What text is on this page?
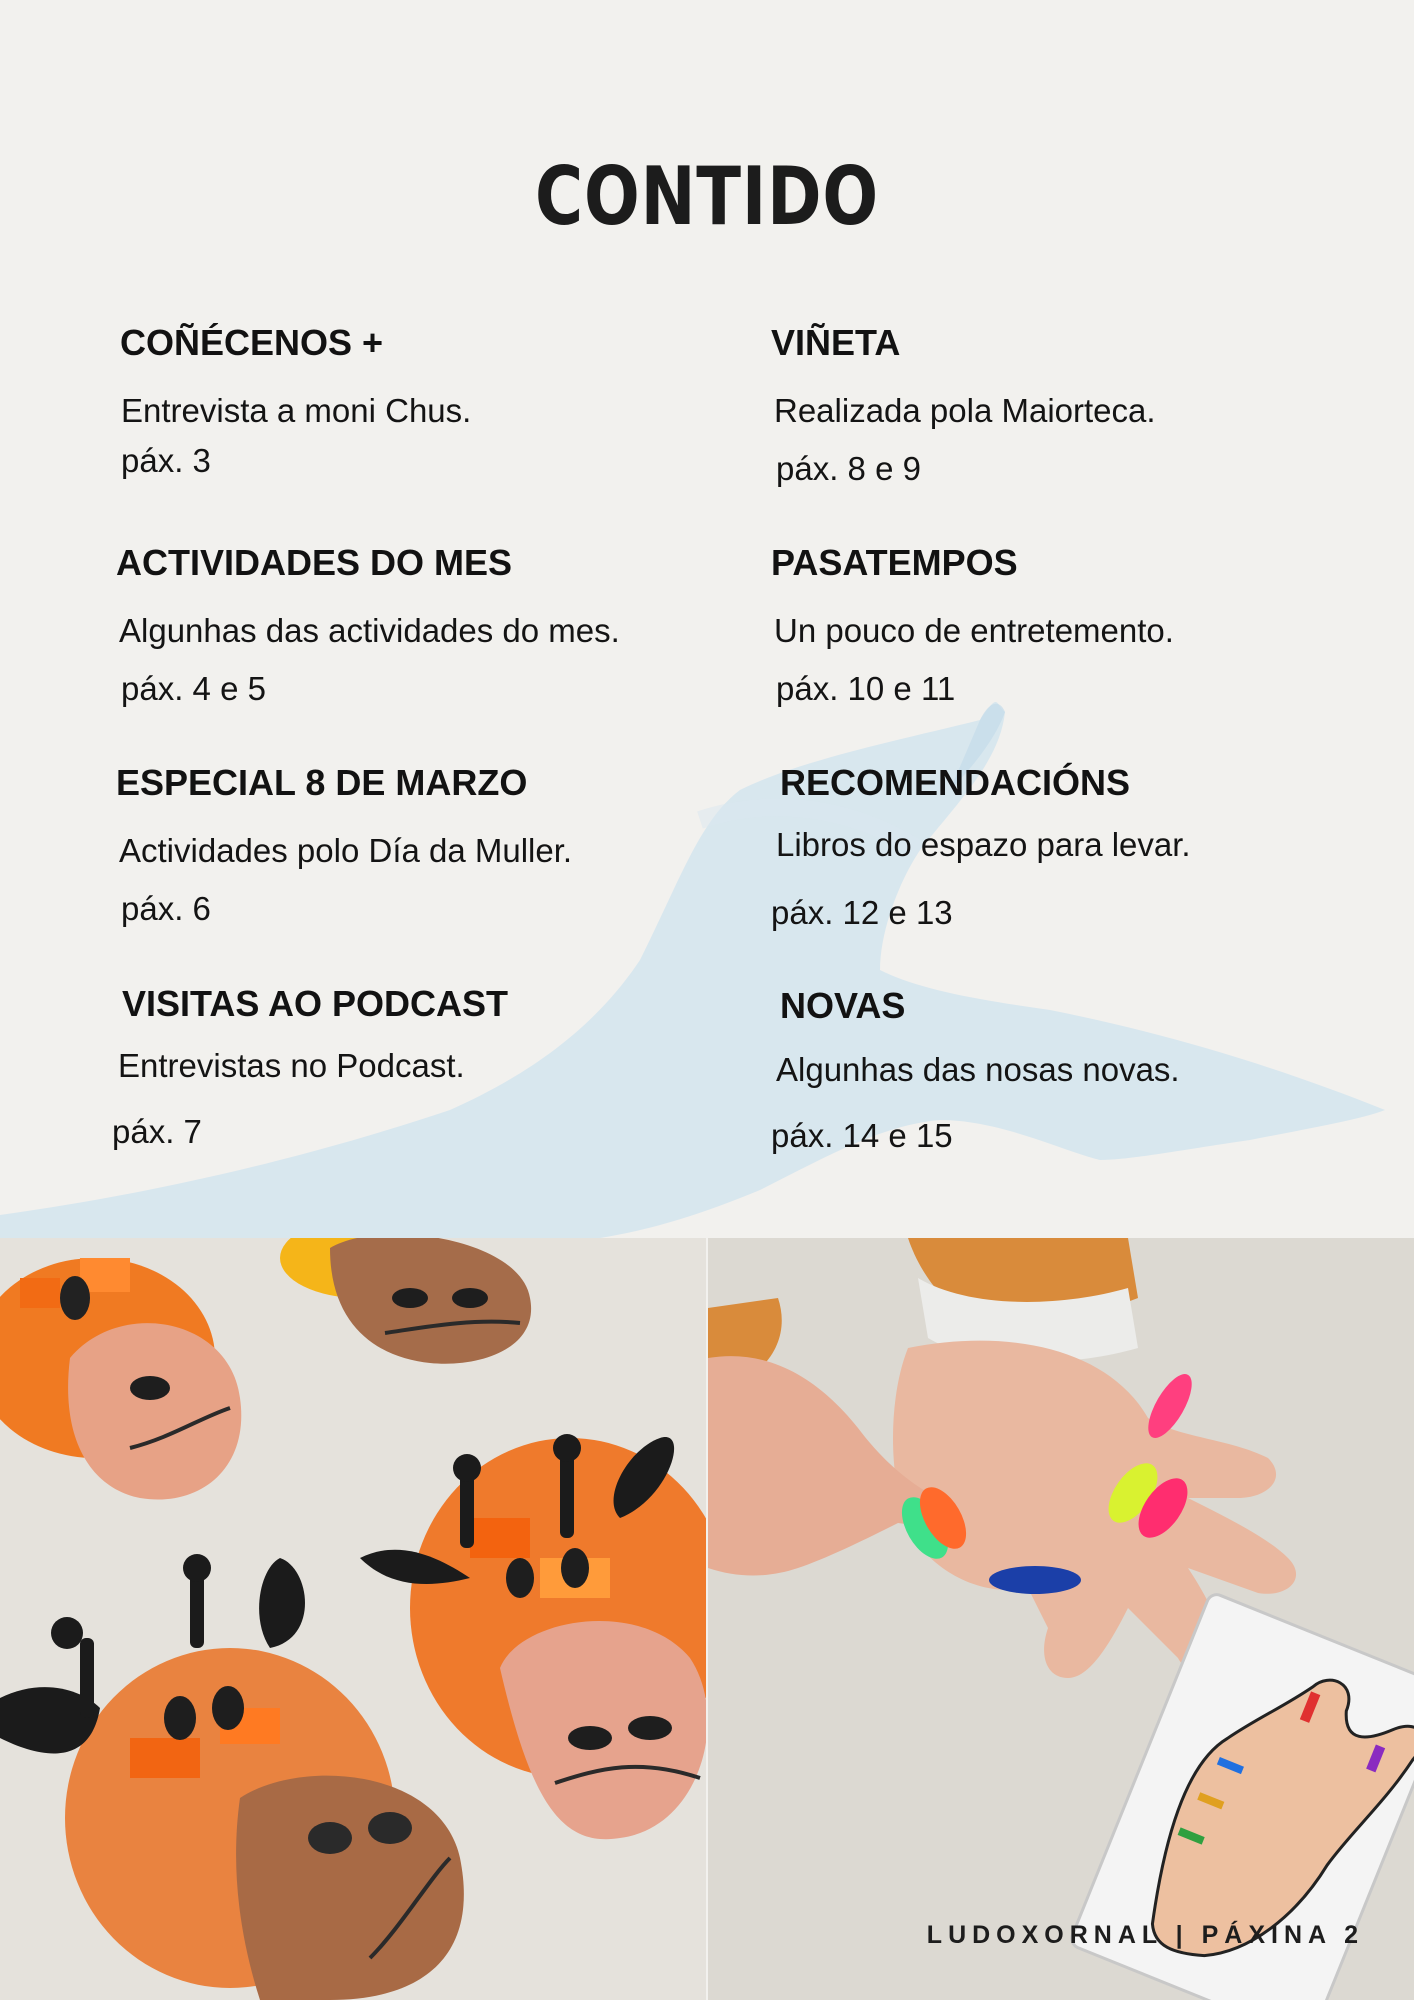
CONTIDO
COÑÉCENOS +

Entrevista a moni Chus.

páx. 3

ACTIVIDADES DO MES

Algunhas das actividades do mes.

páx. 4 e 5

ESPECIAL 8 DE MARZO

Actividades polo Día da Muller.

páx. 6

VISITAS AO PODCAST

Entrevistas no Podcast.

páx. 7

VIÑETA

Realizada pola Maiorteca.

páx. 8 e 9

PASATEMPOS

Un pouco de entretemento.

páx. 10 e 11

RECOMENDACIÓNS

Libros do espazo para levar.

páx. 12 e 13

NOVAS

Algunhas das nosas novas.

páx. 14 e 15

LUDOXORNAL | PÁXINA 2
